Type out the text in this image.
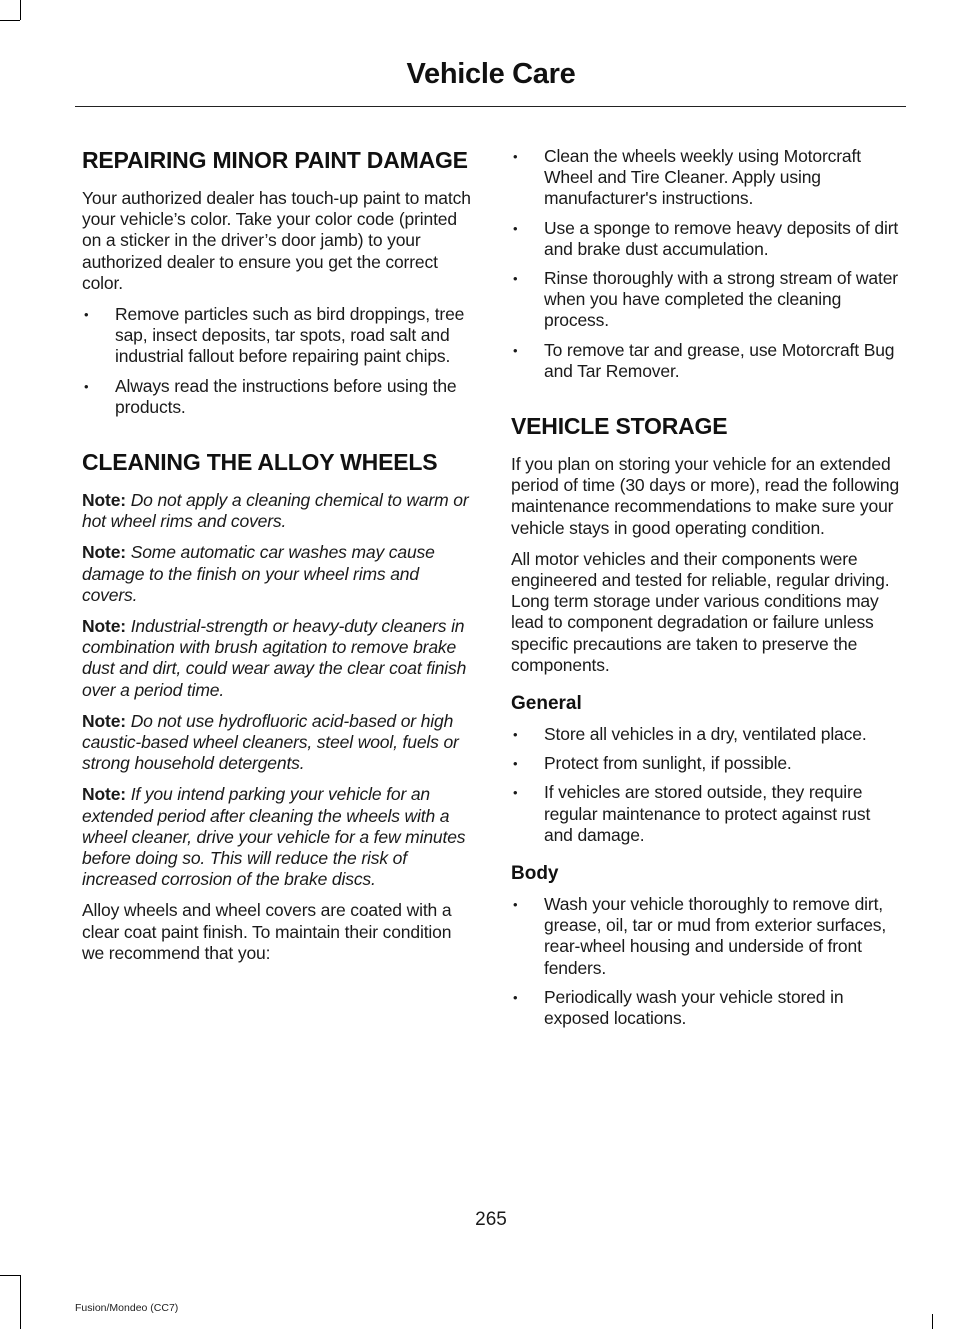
Vehicle Care
REPAIRING MINOR PAINT DAMAGE

Your authorized dealer has touch-up paint to match your vehicle’s color. Take your color code (printed on a sticker in the driver’s door jamb) to your authorized dealer to ensure you get the correct color.

• Remove particles such as bird droppings, tree sap, insect deposits, tar spots, road salt and industrial fallout before repairing paint chips.
• Always read the instructions before using the products.
CLEANING THE ALLOY WHEELS

Note: Do not apply a cleaning chemical to warm or hot wheel rims and covers.

Note: Some automatic car washes may cause damage to the finish on your wheel rims and covers.

Note: Industrial-strength or heavy-duty cleaners in combination with brush agitation to remove brake dust and dirt, could wear away the clear coat finish over a period time.

Note: Do not use hydrofluoric acid-based or high caustic-based wheel cleaners, steel wool, fuels or strong household detergents.

Note: If you intend parking your vehicle for an extended period after cleaning the wheels with a wheel cleaner, drive your vehicle for a few minutes before doing so. This will reduce the risk of increased corrosion of the brake discs.

Alloy wheels and wheel covers are coated with a clear coat paint finish. To maintain their condition we recommend that you:

• Clean the wheels weekly using Motorcraft Wheel and Tire Cleaner. Apply using manufacturer's instructions.
• Use a sponge to remove heavy deposits of dirt and brake dust accumulation.
• Rinse thoroughly with a strong stream of water when you have completed the cleaning process.
• To remove tar and grease, use Motorcraft Bug and Tar Remover.
VEHICLE STORAGE

If you plan on storing your vehicle for an extended period of time (30 days or more), read the following maintenance recommendations to make sure your vehicle stays in good operating condition.

All motor vehicles and their components were engineered and tested for reliable, regular driving. Long term storage under various conditions may lead to component degradation or failure unless specific precautions are taken to preserve the components.

General
• Store all vehicles in a dry, ventilated place.
• Protect from sunlight, if possible.
• If vehicles are stored outside, they require regular maintenance to protect against rust and damage.
Body
• Wash your vehicle thoroughly to remove dirt, grease, oil, tar or mud from exterior surfaces, rear-wheel housing and underside of front fenders.
• Periodically wash your vehicle stored in exposed locations.
265
Fusion/Mondeo (CC7)
